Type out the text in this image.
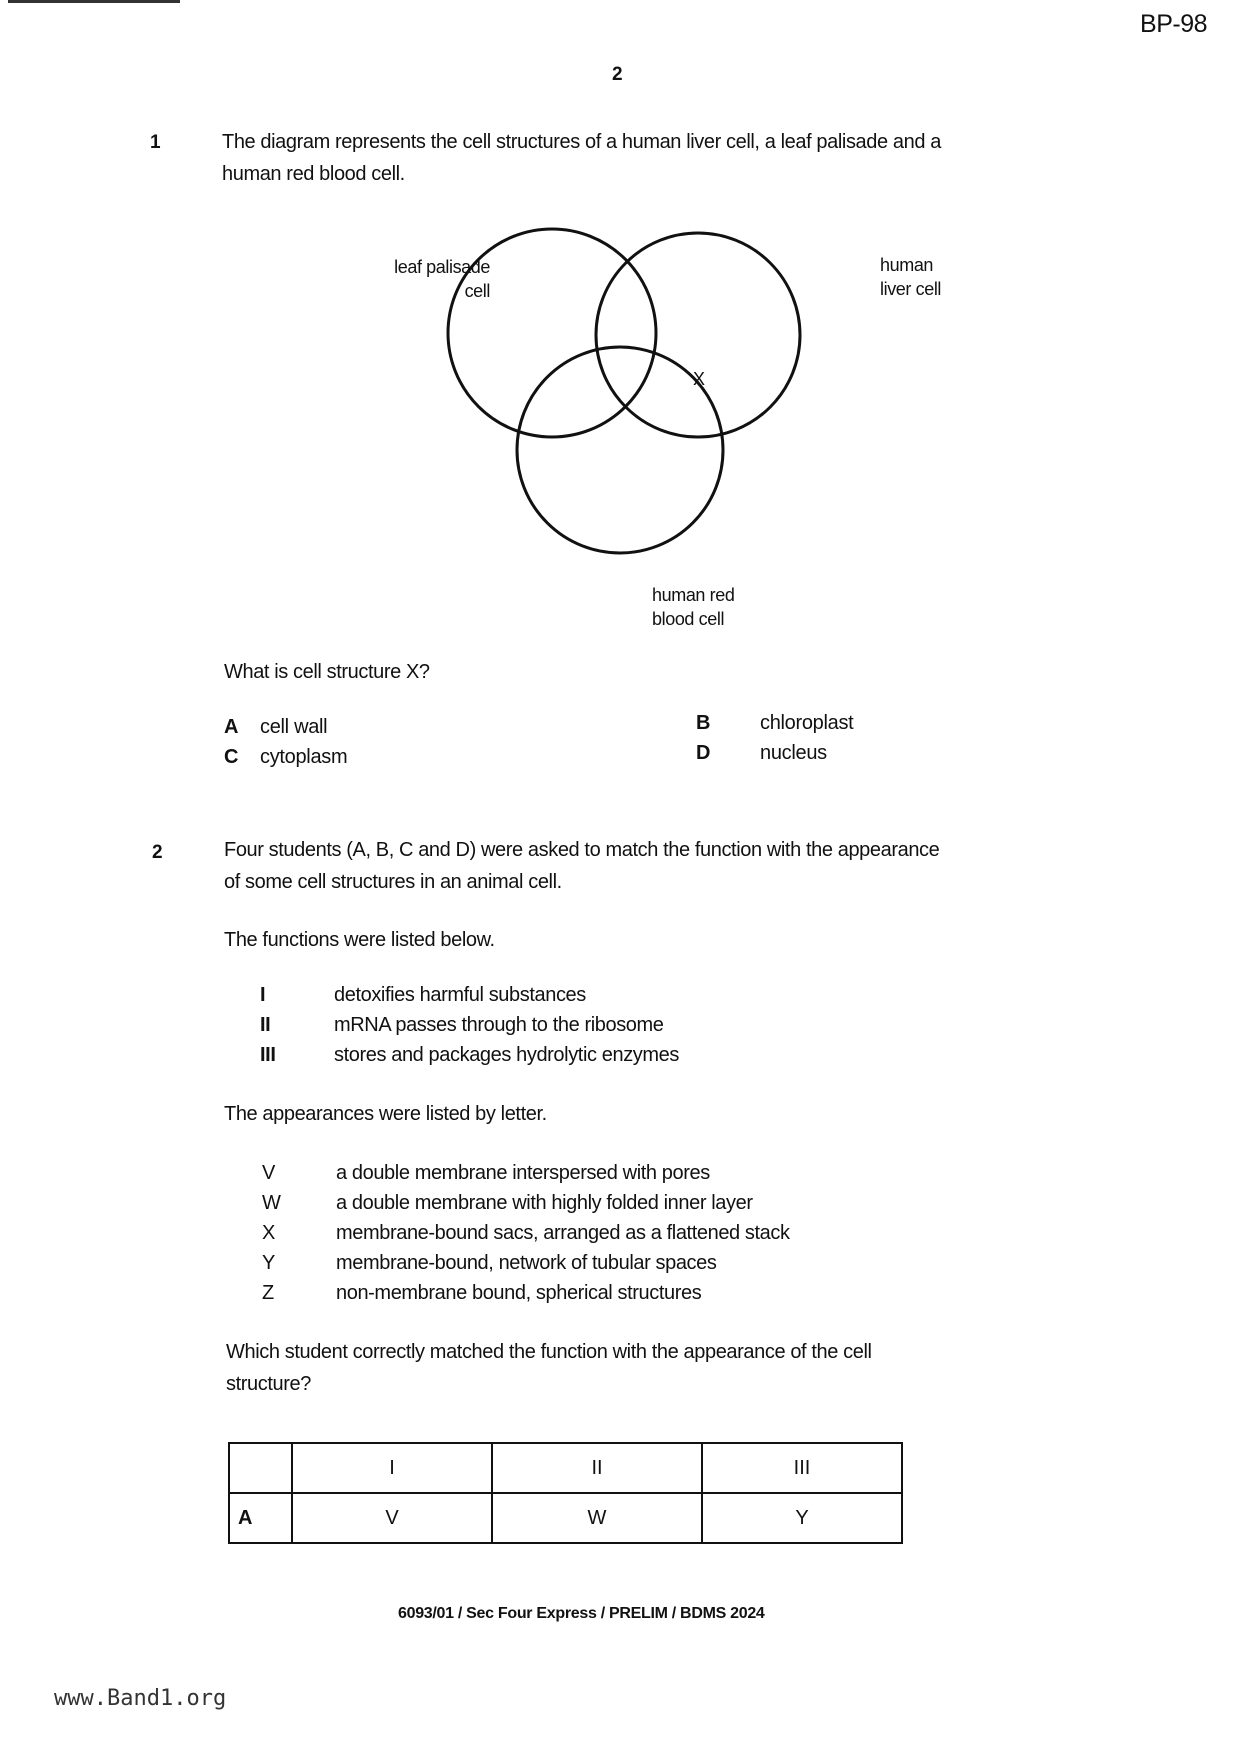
BP-98
2
1	The diagram represents the cell structures of a human liver cell, a leaf palisade and a
human red blood cell.
leaf palisade
cell
human
liver cell
human red
blood cell
X
What is cell structure X?
A cell wall
C cytoplasm
B chloroplast
D nucleus
2	Four students (A, B, C and D) were asked to match the function with the appearance
of some cell structures in an animal cell.
The functions were listed below.
I	detoxifies harmful substances
II	mRNA passes through to the ribosome
III	stores and packages hydrolytic enzymes
The appearances were listed by letter.
V	a double membrane interspersed with pores
W	a double membrane with highly folded inner layer
X	membrane-bound sacs, arranged as a flattened stack
Y	membrane-bound, network of tubular spaces
Z	non-membrane bound, spherical structures
Which student correctly matched the function with the appearance of the cell
structure?
	I	II	III
A	V	W	Y
6093/01 / Sec Four Express / PRELIM / BDMS 2024
www.Band1.org
